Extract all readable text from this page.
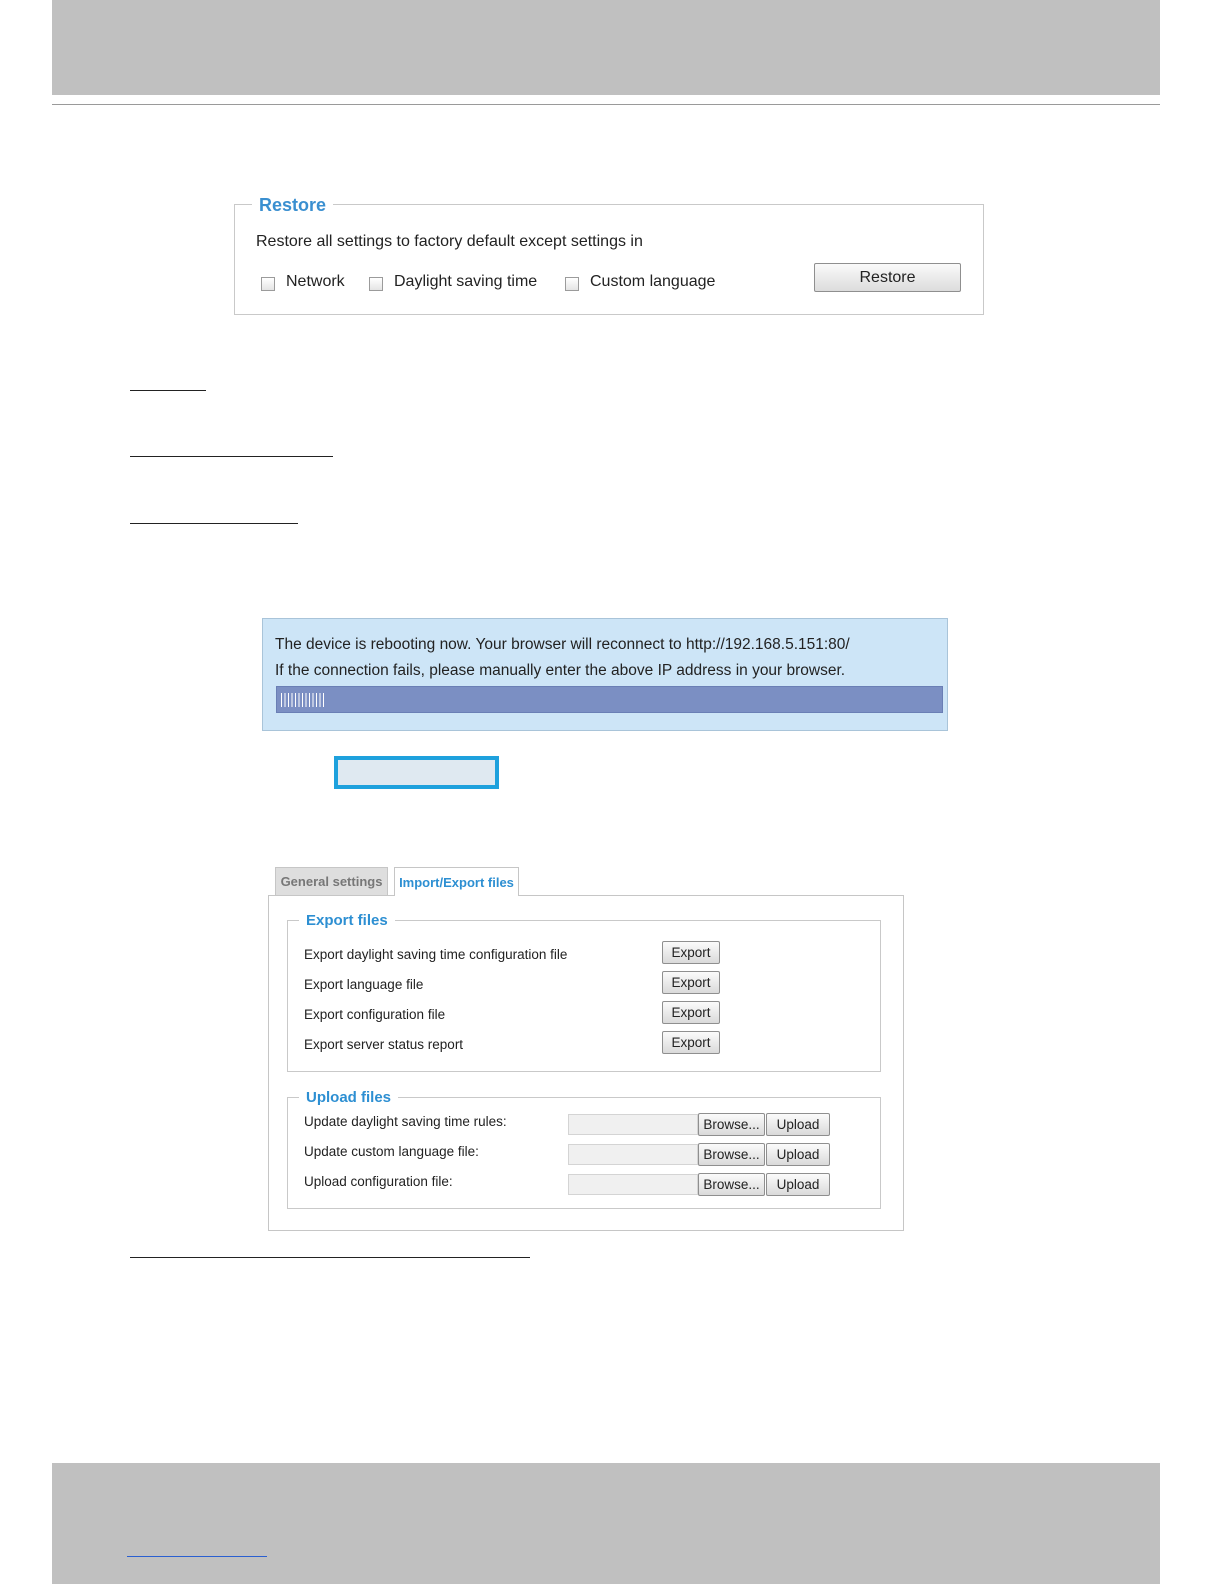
Restore
Restore all settings to factory default except settings in
Network	Daylight saving time	Custom language	Restore
The device is rebooting now. Your browser will reconnect to http://192.168.5.151:80/
If the connection fails, please manually enter the above IP address in your browser.
General settings	Import/Export files
Export files
Export daylight saving time configuration file	Export
Export language file	Export
Export configuration file	Export
Export server status report	Export
Upload files
Update daylight saving time rules:	Browse...	Upload
Update custom language file:	Browse...	Upload
Upload configuration file:	Browse...	Upload
